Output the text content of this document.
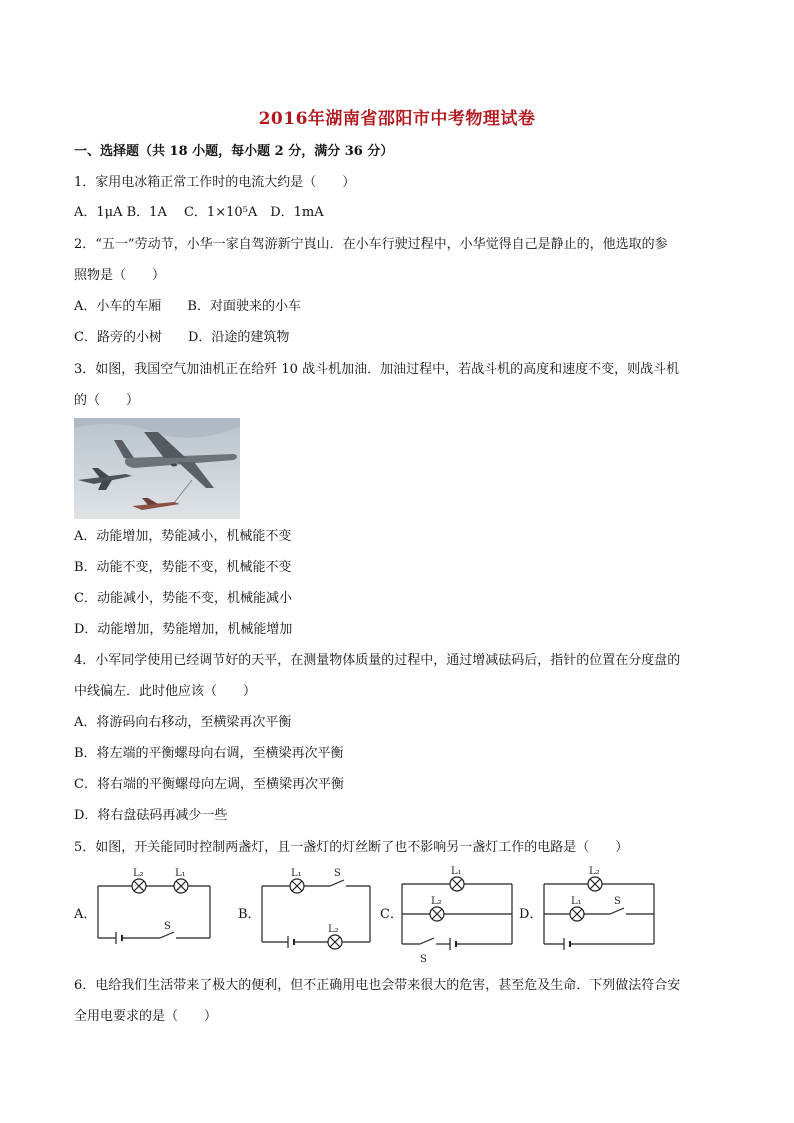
2016年湖南省邵阳市中考物理试卷
一、选择题（共 18 小题，每小题 2 分，满分 36 分）
1．家用电冰箱正常工作时的电流大约是（　　）
A．1μA B．1A　 C．1×10⁵A　D．1mA
2．“五一”劳动节，小华一家自驾游新宁崀山．在小车行驶过程中，小华觉得自己是静止的，他选取的参
照物是（　　）
A．小车的车厢　　B．对面驶来的小车
C．路旁的小树　　D．沿途的建筑物
3．如图，我国空气加油机正在给歼 10 战斗机加油．加油过程中，若战斗机的高度和速度不变，则战斗机
的（　　）
A．动能增加，势能减小，机械能不变
B．动能不变，势能不变，机械能不变
C．动能减小，势能不变，机械能减小
D．动能增加，势能增加，机械能增加
4．小军同学使用已经调节好的天平，在测量物体质量的过程中，通过增减砝码后，指针的位置在分度盘的
中线偏左．此时他应该（　　）
A．将游码向右移动，至横梁再次平衡
B．将左端的平衡螺母向右调，至横梁再次平衡
C．将右端的平衡螺母向左调，至横梁再次平衡
D．将右盘砝码再减少一些
5．如图，开关能同时控制两盏灯，且一盏灯的灯丝断了也不影响另一盏灯工作的电路是（　　）
A．	B．	C．	D．
L₂	L₁
S
L₁	S
L₂
L₁
L₂
S
L₂
L₁	S
6．电给我们生活带来了极大的便利，但不正确用电也会带来很大的危害，甚至危及生命．下列做法符合安
全用电要求的是（　　）
